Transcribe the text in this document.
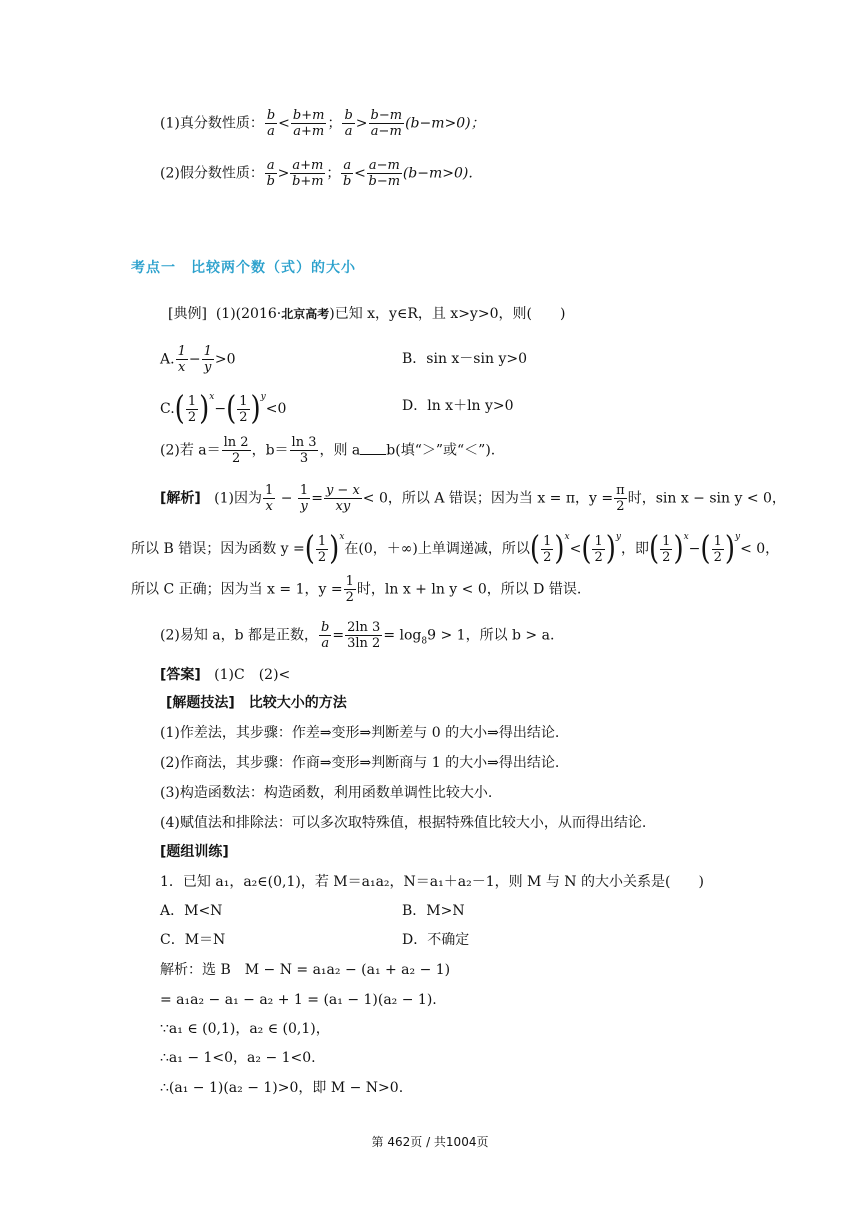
(1)真分数性质： $\frac{b}{a} < \frac{b+m}{a+m}$ ； $\frac{b}{a} > \frac{b-m}{a-m} (b-m>0)$；
(2)假分数性质： $\frac{a}{b} > \frac{a+m}{b+m}$ ； $\frac{a}{b} < \frac{a-m}{b-m} (b-m>0)$.
考点一　比较两个数（式）的大小
[典例] (1)(2016·北京高考)已知 x，y∈R，且 x>y>0，则(　　)
A. $\frac{1}{x} - \frac{1}{y} >0$	B．sin x－sin y>0
$C.( \frac{1}{2} )^x-( \frac{1}{2} )^y<0$	D．ln x＋ln y>0
(2)若 $a= \frac{\ln 2}{2}$ ，$b= \frac{\ln 3}{3}$ ，则 a b(填“＞”或“＜”).
[解析] (1)因为 $\frac{1}{x} - \frac{1}{y} = \frac{y - x}{xy} < 0$，所以 A 错误；因为当 x = π，$y = \frac{\pi}{2}$ 时，sin x − sin y < 0，
所以 B 错误；因为函数 y =( $\frac{1}{2} )^x$在(0，＋∞)上单调递减，所以( $\frac{1}{2} )^x<( \frac{1}{2} )^y$，即( $\frac{1}{2} )^x-( \frac{1}{2} )^y< 0$，
所以 C 正确；因为当 x = 1，$y = \frac{1}{2}$ 时，ln x + ln y < 0，所以 D 错误.
(2)易知 a，b 都是正数， $\frac{b}{a} = \frac{2\ln 3}{3\ln 2} = \log_89 > 1$，所以 b > a.
[答案] (1)C　(2)<
[解题技法]　比较大小的方法
(1)作差法，其步骤：作差⇒变形⇒判断差与 0 的大小⇒得出结论.
(2)作商法，其步骤：作商⇒变形⇒判断商与 1 的大小⇒得出结论.
(3)构造函数法：构造函数，利用函数单调性比较大小.
(4)赋值法和排除法：可以多次取特殊值，根据特殊值比较大小，从而得出结论.
[题组训练]
1．已知 a₁，a₂∈(0,1)，若 M＝a₁a₂，N＝a₁＋a₂－1，则 M 与 N 的大小关系是(　　)
A．M<N	B．M>N
C．M＝N	D．不确定
解析：选 B　M − N = a₁a₂ − (a₁ + a₂ − 1)
= a₁a₂ − a₁ − a₂ + 1 = (a₁ − 1)(a₂ − 1).
∵a₁ ∈ (0,1)，a₂ ∈ (0,1)，
∴a₁ − 1<0，a₂ − 1<0.
∴(a₁ − 1)(a₂ − 1)>0，即 M − N>0.
第 462页 / 共1004页
